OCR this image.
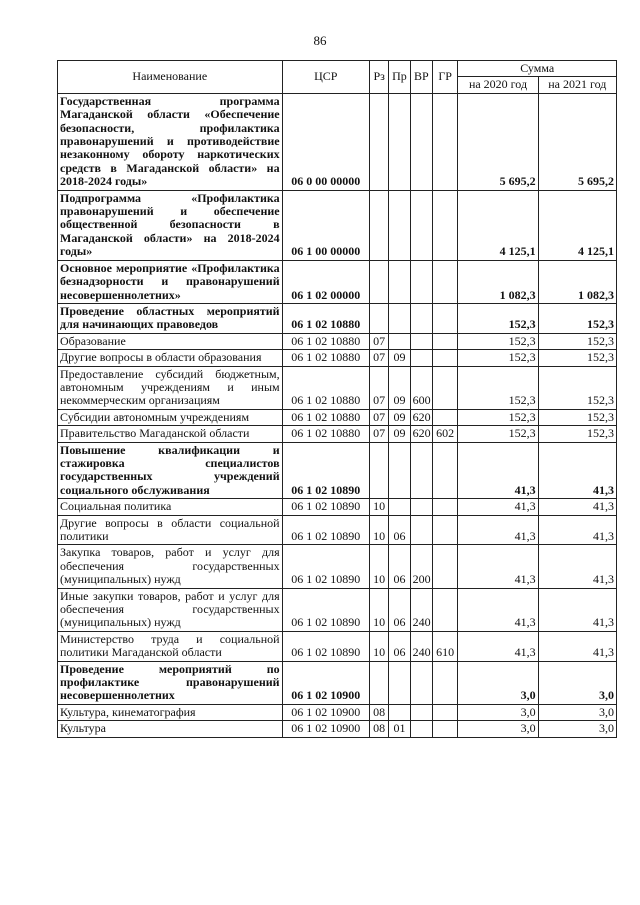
86
Наименование	ЦСР	Рз	Пр	ВР	ГР	Сумма	
						на 2020 год	на 2021 год
Государственная программа Магаданской области «Обеспечение безопасности, профилактика правонарушений и противодействие незаконному обороту наркотических средств в Магаданской области» на 2018-2024 годы»	06 0 00 00000					5 695,2	5 695,2
Подпрограмма «Профилактика правонарушений и обеспечение общественной безопасности в Магаданской области» на 2018-2024 годы»	06 1 00 00000					4 125,1	4 125,1
Основное мероприятие «Профилактика безнадзорности и правонарушений несовершеннолетних»	06 1 02 00000					1 082,3	1 082,3
Проведение областных мероприятий для начинающих правоведов	06 1 02 10880					152,3	152,3
Образование	06 1 02 10880	07				152,3	152,3
Другие вопросы в области образования	06 1 02 10880	07	09			152,3	152,3
Предоставление субсидий бюджетным, автономным учреждениям и иным некоммерческим организациям	06 1 02 10880	07	09	600		152,3	152,3
Субсидии автономным учреждениям	06 1 02 10880	07	09	620		152,3	152,3
Правительство Магаданской области	06 1 02 10880	07	09	620	602	152,3	152,3
Повышение квалификации и стажировка специалистов государственных учреждений социального обслуживания	06 1 02 10890					41,3	41,3
Социальная политика	06 1 02 10890	10				41,3	41,3
Другие вопросы в области социальной политики	06 1 02 10890	10	06			41,3	41,3
Закупка товаров, работ и услуг для обеспечения государственных (муниципальных) нужд	06 1 02 10890	10	06	200		41,3	41,3
Иные закупки товаров, работ и услуг для обеспечения государственных (муниципальных) нужд	06 1 02 10890	10	06	240		41,3	41,3
Министерство труда и социальной политики Магаданской области	06 1 02 10890	10	06	240	610	41,3	41,3
Проведение мероприятий по профилактике правонарушений несовершеннолетних	06 1 02 10900					3,0	3,0
Культура, кинематография	06 1 02 10900	08				3,0	3,0
Культура	06 1 02 10900	08	01			3,0	3,0
